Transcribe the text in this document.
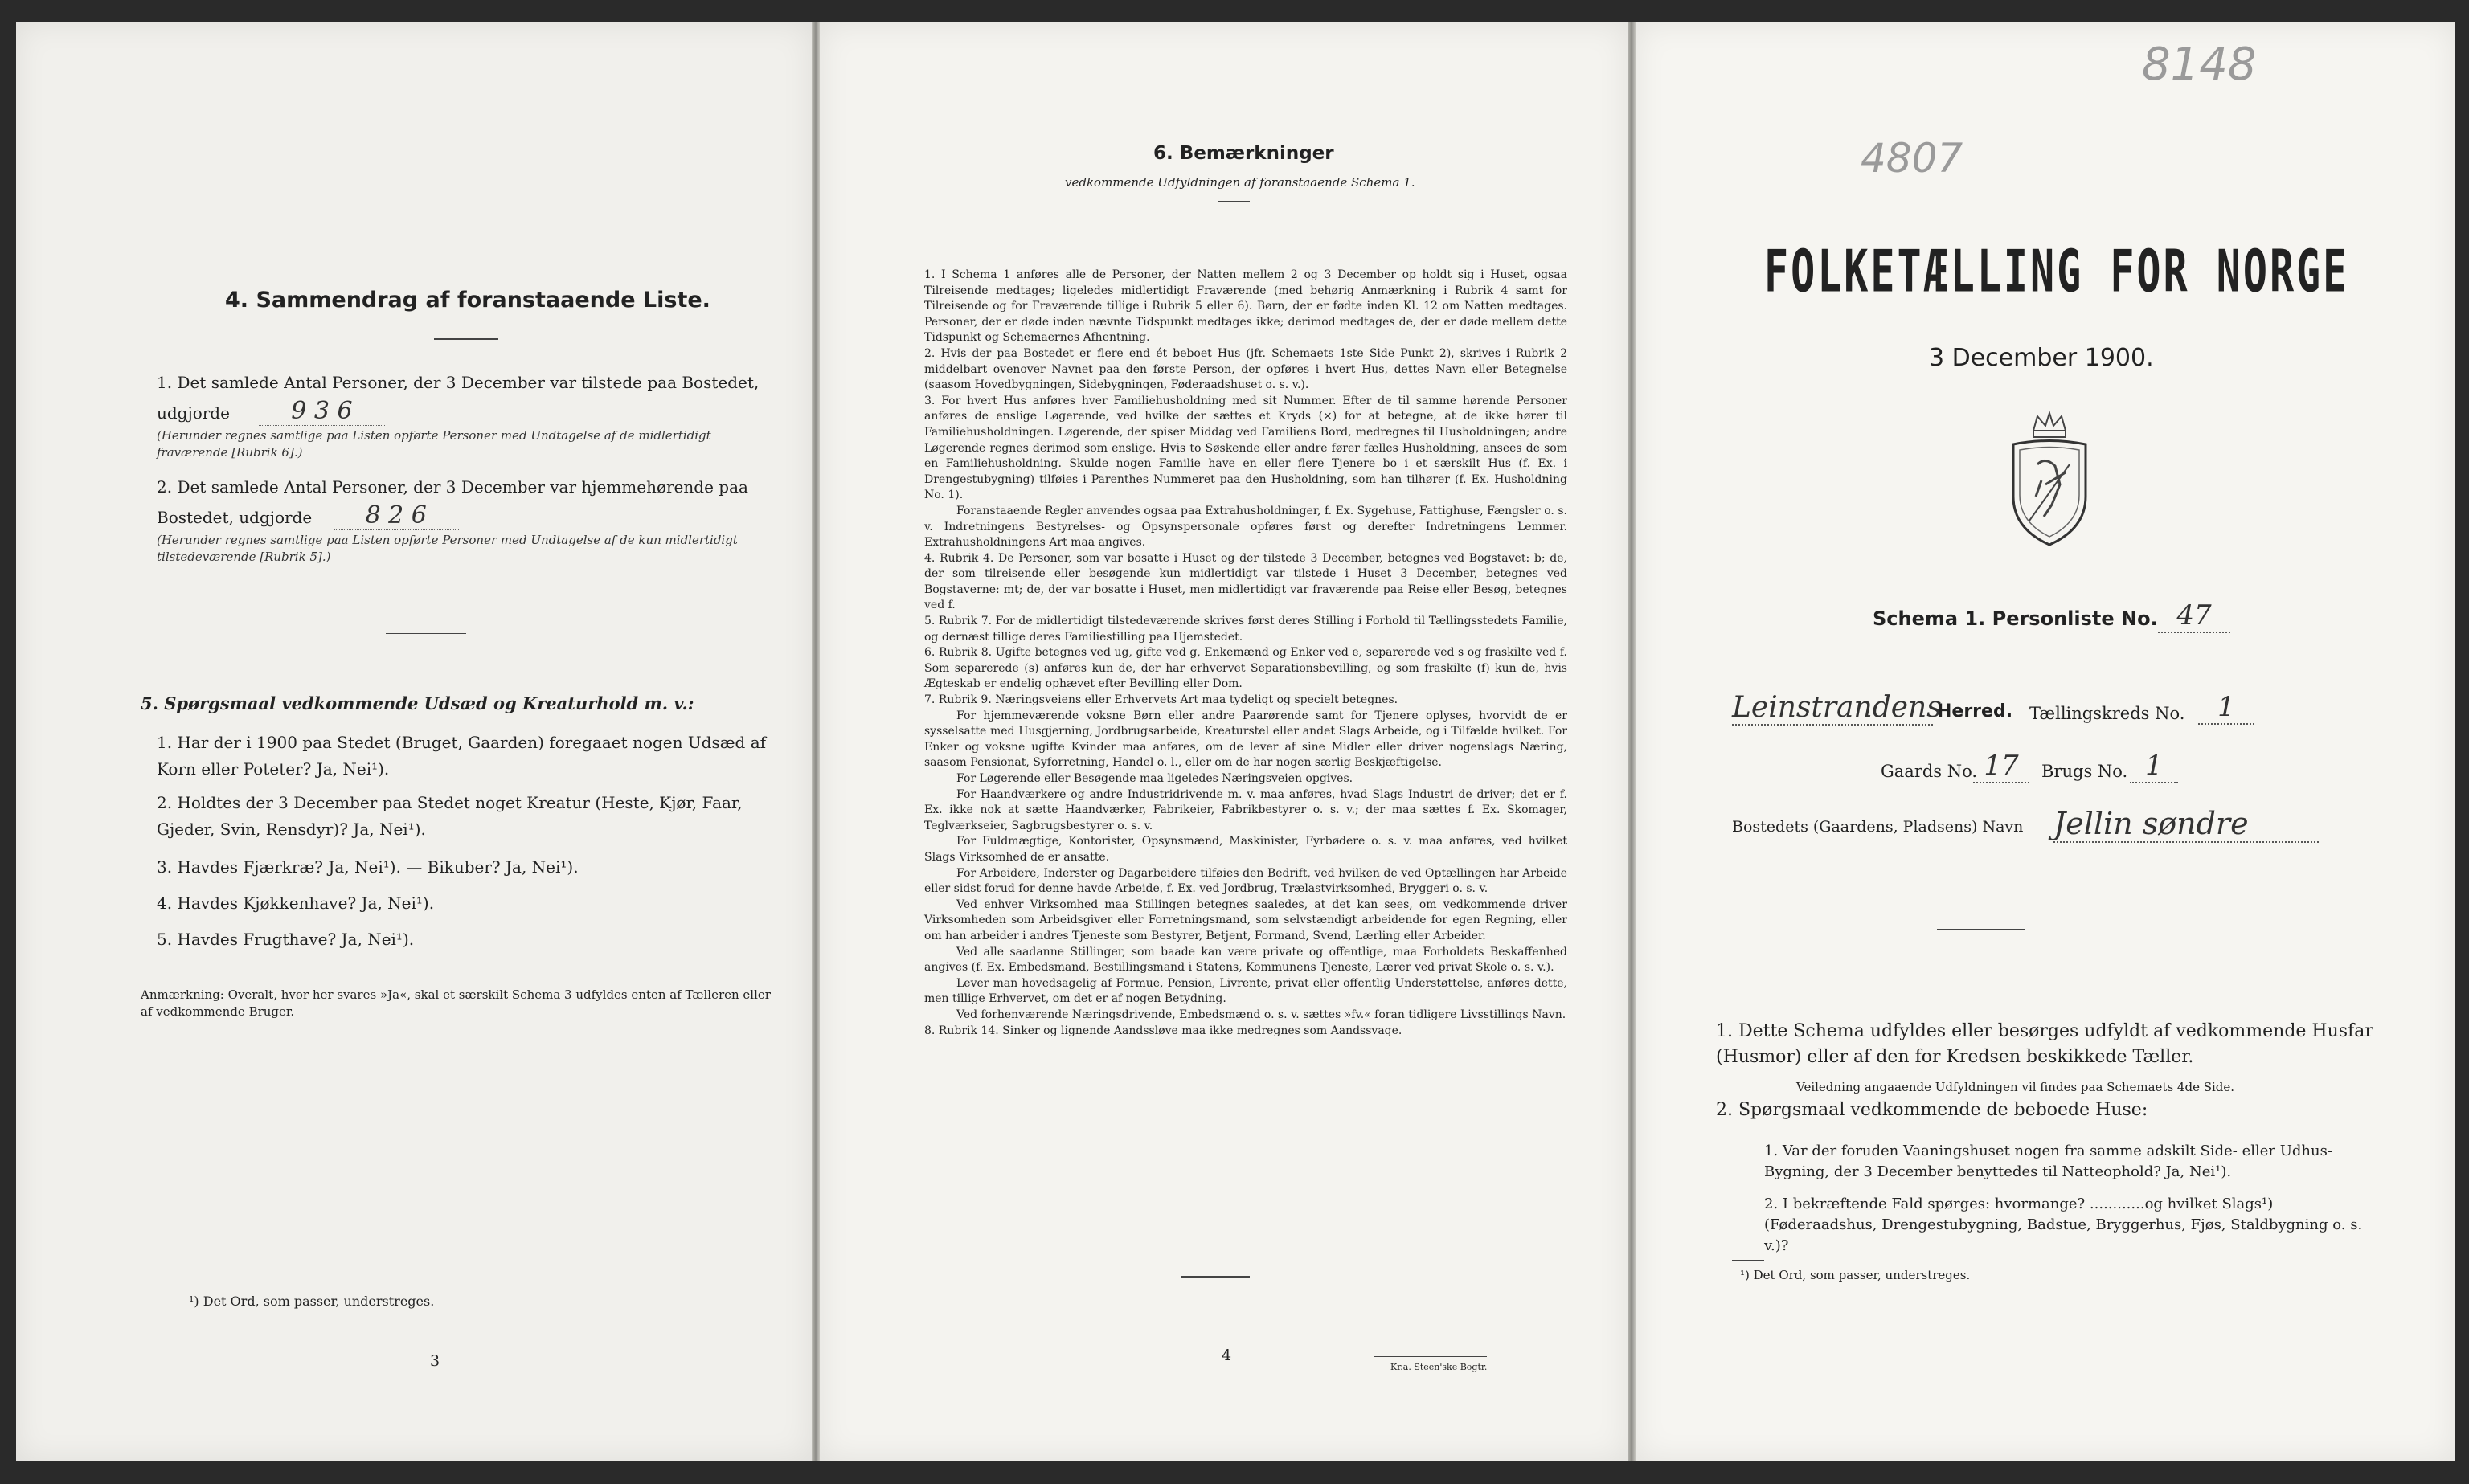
4. Sammendrag af foranstaaende Liste.
1. Det samlede Antal Personer, der 3 December var tilstede paa Bostedet,
udgjorde	9 3 6
(Herunder regnes samtlige paa Listen opførte Personer med Undtagelse af de midlertidigt fraværende [Rubrik 6].)
2. Det samlede Antal Personer, der 3 December var hjemmehørende paa
Bostedet, udgjorde 8 2 6
(Herunder regnes samtlige paa Listen opførte Personer med Undtagelse af de kun midlertidigt tilstedeværende [Rubrik 5].)
5. Spørgsmaal vedkommende Udsæd og Kreaturhold m. v.:
1. Har der i 1900 paa Stedet (Bruget, Gaarden) foregaaet nogen Udsæd af Korn eller Poteter? Ja, Nei¹).
2. Holdtes der 3 December paa Stedet noget Kreatur (Heste, Kjør, Faar, Gjeder, Svin, Rensdyr)? Ja, Nei¹).
3. Havdes Fjærkræ? Ja, Nei¹). — Bikuber? Ja, Nei¹).
4. Havdes Kjøkkenhave? Ja, Nei¹).
5. Havdes Frugthave? Ja, Nei¹).
Anmærkning: Overalt, hvor her svares »Ja«, skal et særskilt Schema 3 udfyldes enten af Tælleren eller af vedkommende Bruger.
¹) Det Ord, som passer, understreges.
3
6. Bemærkninger
vedkommende Udfyldningen af foranstaaende Schema 1.

1. I Schema 1 anføres alle de Personer, der Natten mellem 2 og 3 December op holdt sig i Huset, ogsaa Tilreisende medtages; ligeledes midlertidigt Fraværende (med behørig Anmærkning i Rubrik 4 samt for Tilreisende og for Fraværende tillige i Rubrik 5 eller 6). Børn, der er fødte inden Kl. 12 om Natten medtages. Personer, der er døde inden nævnte Tidspunkt medtages ikke; derimod medtages de, der er døde mellem dette Tidspunkt og Schemaernes Afhentning.

2. Hvis der paa Bostedet er flere end ét beboet Hus (jfr. Schemaets 1ste Side Punkt 2), skrives i Rubrik 2 middelbart ovenover Navnet paa den første Person, der opføres i hvert Hus, dettes Navn eller Betegnelse (saasom Hovedbygningen, Sidebygningen, Føderaadshuset o. s. v.).

3. For hvert Hus anføres hver Familiehusholdning med sit Nummer. Efter de til samme hørende Personer anføres de enslige Løgerende, ved hvilke der sættes et Kryds (×) for at betegne, at de ikke hører til Familiehusholdningen. Løgerende, der spiser Middag ved Familiens Bord, medregnes til Husholdningen; andre Løgerende regnes derimod som enslige. Hvis to Søskende eller andre fører fælles Husholdning, ansees de som en Familiehusholdning. Skulde nogen Familie have en eller flere Tjenere bo i et særskilt Hus (f. Ex. i Drengestubygning) tilføies i Parenthes Nummeret paa den Husholdning, som han tilhører (f. Ex. Husholdning No. 1).

Foranstaaende Regler anvendes ogsaa paa Extrahusholdninger, f. Ex. Sygehuse, Fattighuse, Fængsler o. s. v. Indretningens Bestyrelses- og Opsynspersonale opføres først og derefter Indretningens Lemmer. Extrahusholdningens Art maa angives.

4. Rubrik 4. De Personer, som var bosatte i Huset og der tilstede 3 December, betegnes ved Bogstavet: b; de, der som tilreisende eller besøgende kun midlertidigt var tilstede i Huset 3 December, betegnes ved Bogstaverne: mt; de, der var bosatte i Huset, men midlertidigt var fraværende paa Reise eller Besøg, betegnes ved f.

5. Rubrik 7. For de midlertidigt tilstedeværende skrives først deres Stilling i Forhold til Tællingsstedets Familie, og dernæst tillige deres Familiestilling paa Hjemstedet.

6. Rubrik 8. Ugifte betegnes ved ug, gifte ved g, Enkemænd og Enker ved e, separerede ved s og fraskilte ved f. Som separerede (s) anføres kun de, der har erhvervet Separationsbevilling, og som fraskilte (f) kun de, hvis Ægteskab er endelig ophævet efter Bevilling eller Dom.

7. Rubrik 9. Næringsveiens eller Erhvervets Art maa tydeligt og specielt betegnes.

For hjemmeværende voksne Børn eller andre Paarørende samt for Tjenere oplyses, hvorvidt de er sysselsatte med Husgjerning, Jordbrugsarbeide, Kreaturstel eller andet Slags Arbeide, og i Tilfælde hvilket. For Enker og voksne ugifte Kvinder maa anføres, om de lever af sine Midler eller driver nogenslags Næring, saasom Pensionat, Syforretning, Handel o. l., eller om de har nogen særlig Beskjæftigelse.

For Løgerende eller Besøgende maa ligeledes Næringsveien opgives.

For Haandværkere og andre Industridrivende m. v. maa anføres, hvad Slags Industri de driver; det er f. Ex. ikke nok at sætte Haandværker, Fabrikeier, Fabrikbestyrer o. s. v.; der maa sættes f. Ex. Skomager, Teglværkseier, Sagbrugsbestyrer o. s. v.

For Fuldmægtige, Kontorister, Opsynsmænd, Maskinister, Fyrbødere o. s. v. maa anføres, ved hvilket Slags Virksomhed de er ansatte.

For Arbeidere, Inderster og Dagarbeidere tilføies den Bedrift, ved hvilken de ved Optællingen har Arbeide eller sidst forud for denne havde Arbeide, f. Ex. ved Jordbrug, Trælastvirksomhed, Bryggeri o. s. v.

Ved enhver Virksomhed maa Stillingen betegnes saaledes, at det kan sees, om vedkommende driver Virksomheden som Arbeidsgiver eller Forretningsmand, som selvstændigt arbeidende for egen Regning, eller om han arbeider i andres Tjeneste som Bestyrer, Betjent, Formand, Svend, Lærling eller Arbeider.

Ved alle saadanne Stillinger, som baade kan være private og offentlige, maa Forholdets Beskaffenhed angives (f. Ex. Embedsmand, Bestillingsmand i Statens, Kommunens Tjeneste, Lærer ved privat Skole o. s. v.).

Lever man hovedsagelig af Formue, Pension, Livrente, privat eller offentlig Understøttelse, anføres dette, men tillige Erhvervet, om det er af nogen Betydning.

Ved forhenværende Næringsdrivende, Embedsmænd o. s. v. sættes »fv.« foran tidligere Livsstillings Navn.

8. Rubrik 14. Sinker og lignende Aandssløve maa ikke medregnes som Aandssvage.

4
Kr.a. Steen'ske Bogtr.
8148
4807
FOLKETÆLLING FOR NORGE
3 December 1900.
Schema 1. Personliste No. 47
Leinstrandens
Herred. Tællingskreds No.	1
Gaards No. 17	Brugs No. 1
Bostedets (Gaardens, Pladsens) Navn Jellin søndre
1. Dette Schema udfyldes eller besørges udfyldt af vedkommende Husfar (Husmor) eller af den for Kredsen beskikkede Tæller.
Veiledning angaaende Udfyldningen vil findes paa Schemaets 4de Side.
2. Spørgsmaal vedkommende de beboede Huse:
1. Var der foruden Vaaningshuset nogen fra samme adskilt Side- eller Udhus-Bygning, der 3 December benyttedes til Natteophold? Ja, Nei¹).
2. I bekræftende Fald spørges: hvormange? ............og hvilket Slags¹) (Føderaadshus, Drengestubygning, Badstue, Bryggerhus, Fjøs, Staldbygning o. s. v.)?
¹) Det Ord, som passer, understreges.
